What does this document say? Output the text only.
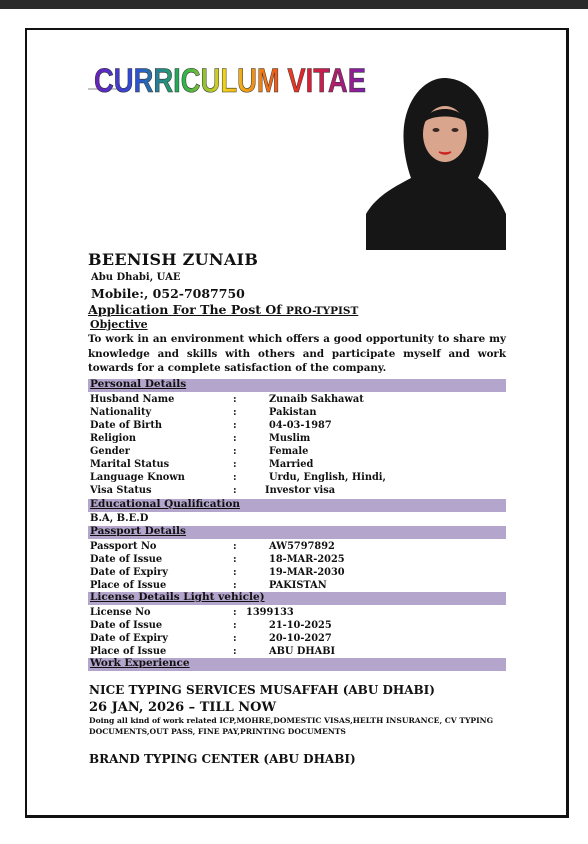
CURRICULUM VITAE
BEENISH ZUNAIB
Abu Dhabi, UAE
Mobile:, 052-7087750
Application For The Post Of PRO-TYPIST
Objective
To work in an environment which offers a good opportunity to share my knowledge and skills with others and participate myself and work towards for a complete satisfaction of the company.
Personal Details
Husband Name	:	Zunaib Sakhawat
Nationality	:	Pakistan
Date of Birth	:	04-03-1987
Religion	:	Muslim
Gender	:	Female
Marital Status	:	Married
Language Known	:	Urdu, English, Hindi,
Visa Status	:	Investor visa
Educational Qualification
B.A, B.E.D
Passport Details
Passport No	:	AW5797892
Date of Issue	:	18-MAR-2025
Date of Expiry	:	19-MAR-2030
Place of Issue	:	PAKISTAN
License Details Light vehicle)
License No	: 1399133
Date of Issue	:	21-10-2025
Date of Expiry	:	20-10-2027
Place of Issue	:	ABU DHABI
Work Experience
NICE TYPING SERVICES MUSAFFAH (ABU DHABI)
26 JAN, 2026 – TILL NOW
Doing all kind of work related ICP,MOHRE,DOMESTIC VISAS,HELTH INSURANCE, CV TYPING DOCUMENTS,OUT PASS, FINE PAY,PRINTING DOCUMENTS
BRAND TYPING CENTER (ABU DHABI)
